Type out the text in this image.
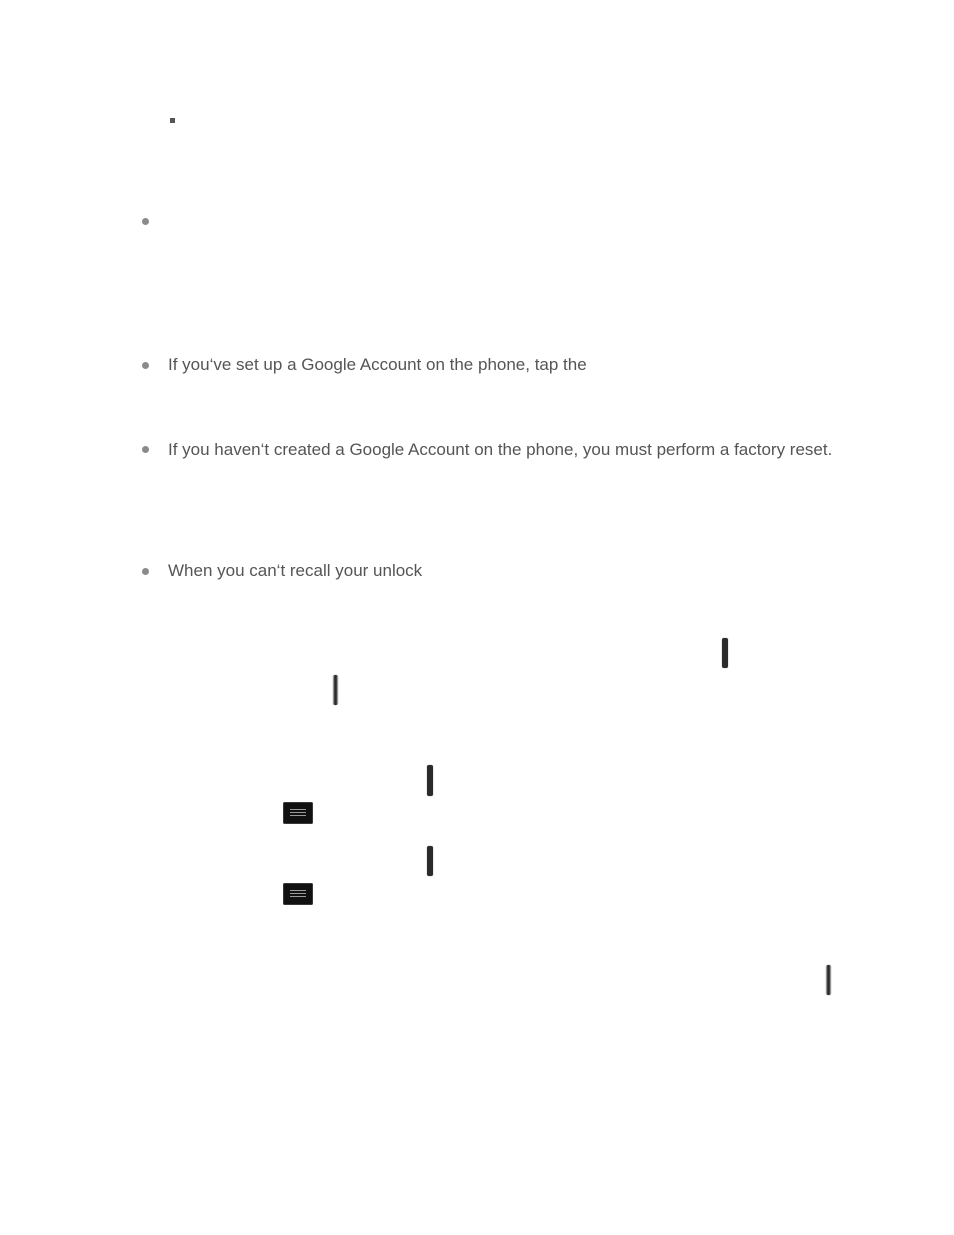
If you‘ve set up a Google Account on the phone, tap the
If you haven‘t created a Google Account on the phone, you must perform a factory reset.
When you can‘t recall your unlock
